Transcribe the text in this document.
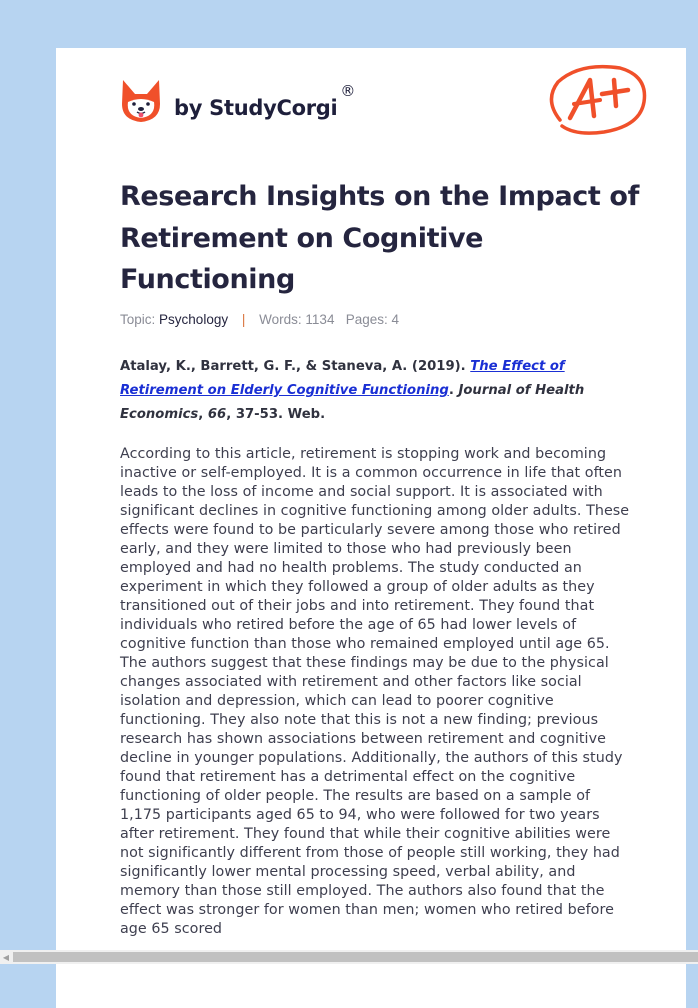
by StudyCorgi
®
Research Insights on the Impact of Retirement on Cognitive Functioning
Topic: Psychology | Words: 1134 Pages: 4

Atalay, K., Barrett, G. F., & Staneva, A. (2019). The Effect of Retirement on Elderly Cognitive Functioning. Journal of Health Economics, 66, 37-53. Web.

According to this article, retirement is stopping work and becoming inactive or self-employed. It is a common occurrence in life that often leads to the loss of income and social support. It is associated with significant declines in cognitive functioning among older adults. These effects were found to be particularly severe among those who retired early, and they were limited to those who had previously been employed and had no health problems. The study conducted an experiment in which they followed a group of older adults as they transitioned out of their jobs and into retirement. They found that individuals who retired before the age of 65 had lower levels of cognitive function than those who remained employed until age 65. The authors suggest that these findings may be due to the physical changes associated with retirement and other factors like social isolation and depression, which can lead to poorer cognitive functioning. They also note that this is not a new finding; previous research has shown associations between retirement and cognitive decline in younger populations. Additionally, the authors of this study found that retirement has a detrimental effect on the cognitive functioning of older people. The results are based on a sample of 1,175 participants aged 65 to 94, who were followed for two years after retirement. They found that while their cognitive abilities were not significantly different from those of people still working, they had significantly lower mental processing speed, verbal ability, and memory than those still employed. The authors also found that the effect was stronger for women than men; women who retired before age 65 scored

◀
